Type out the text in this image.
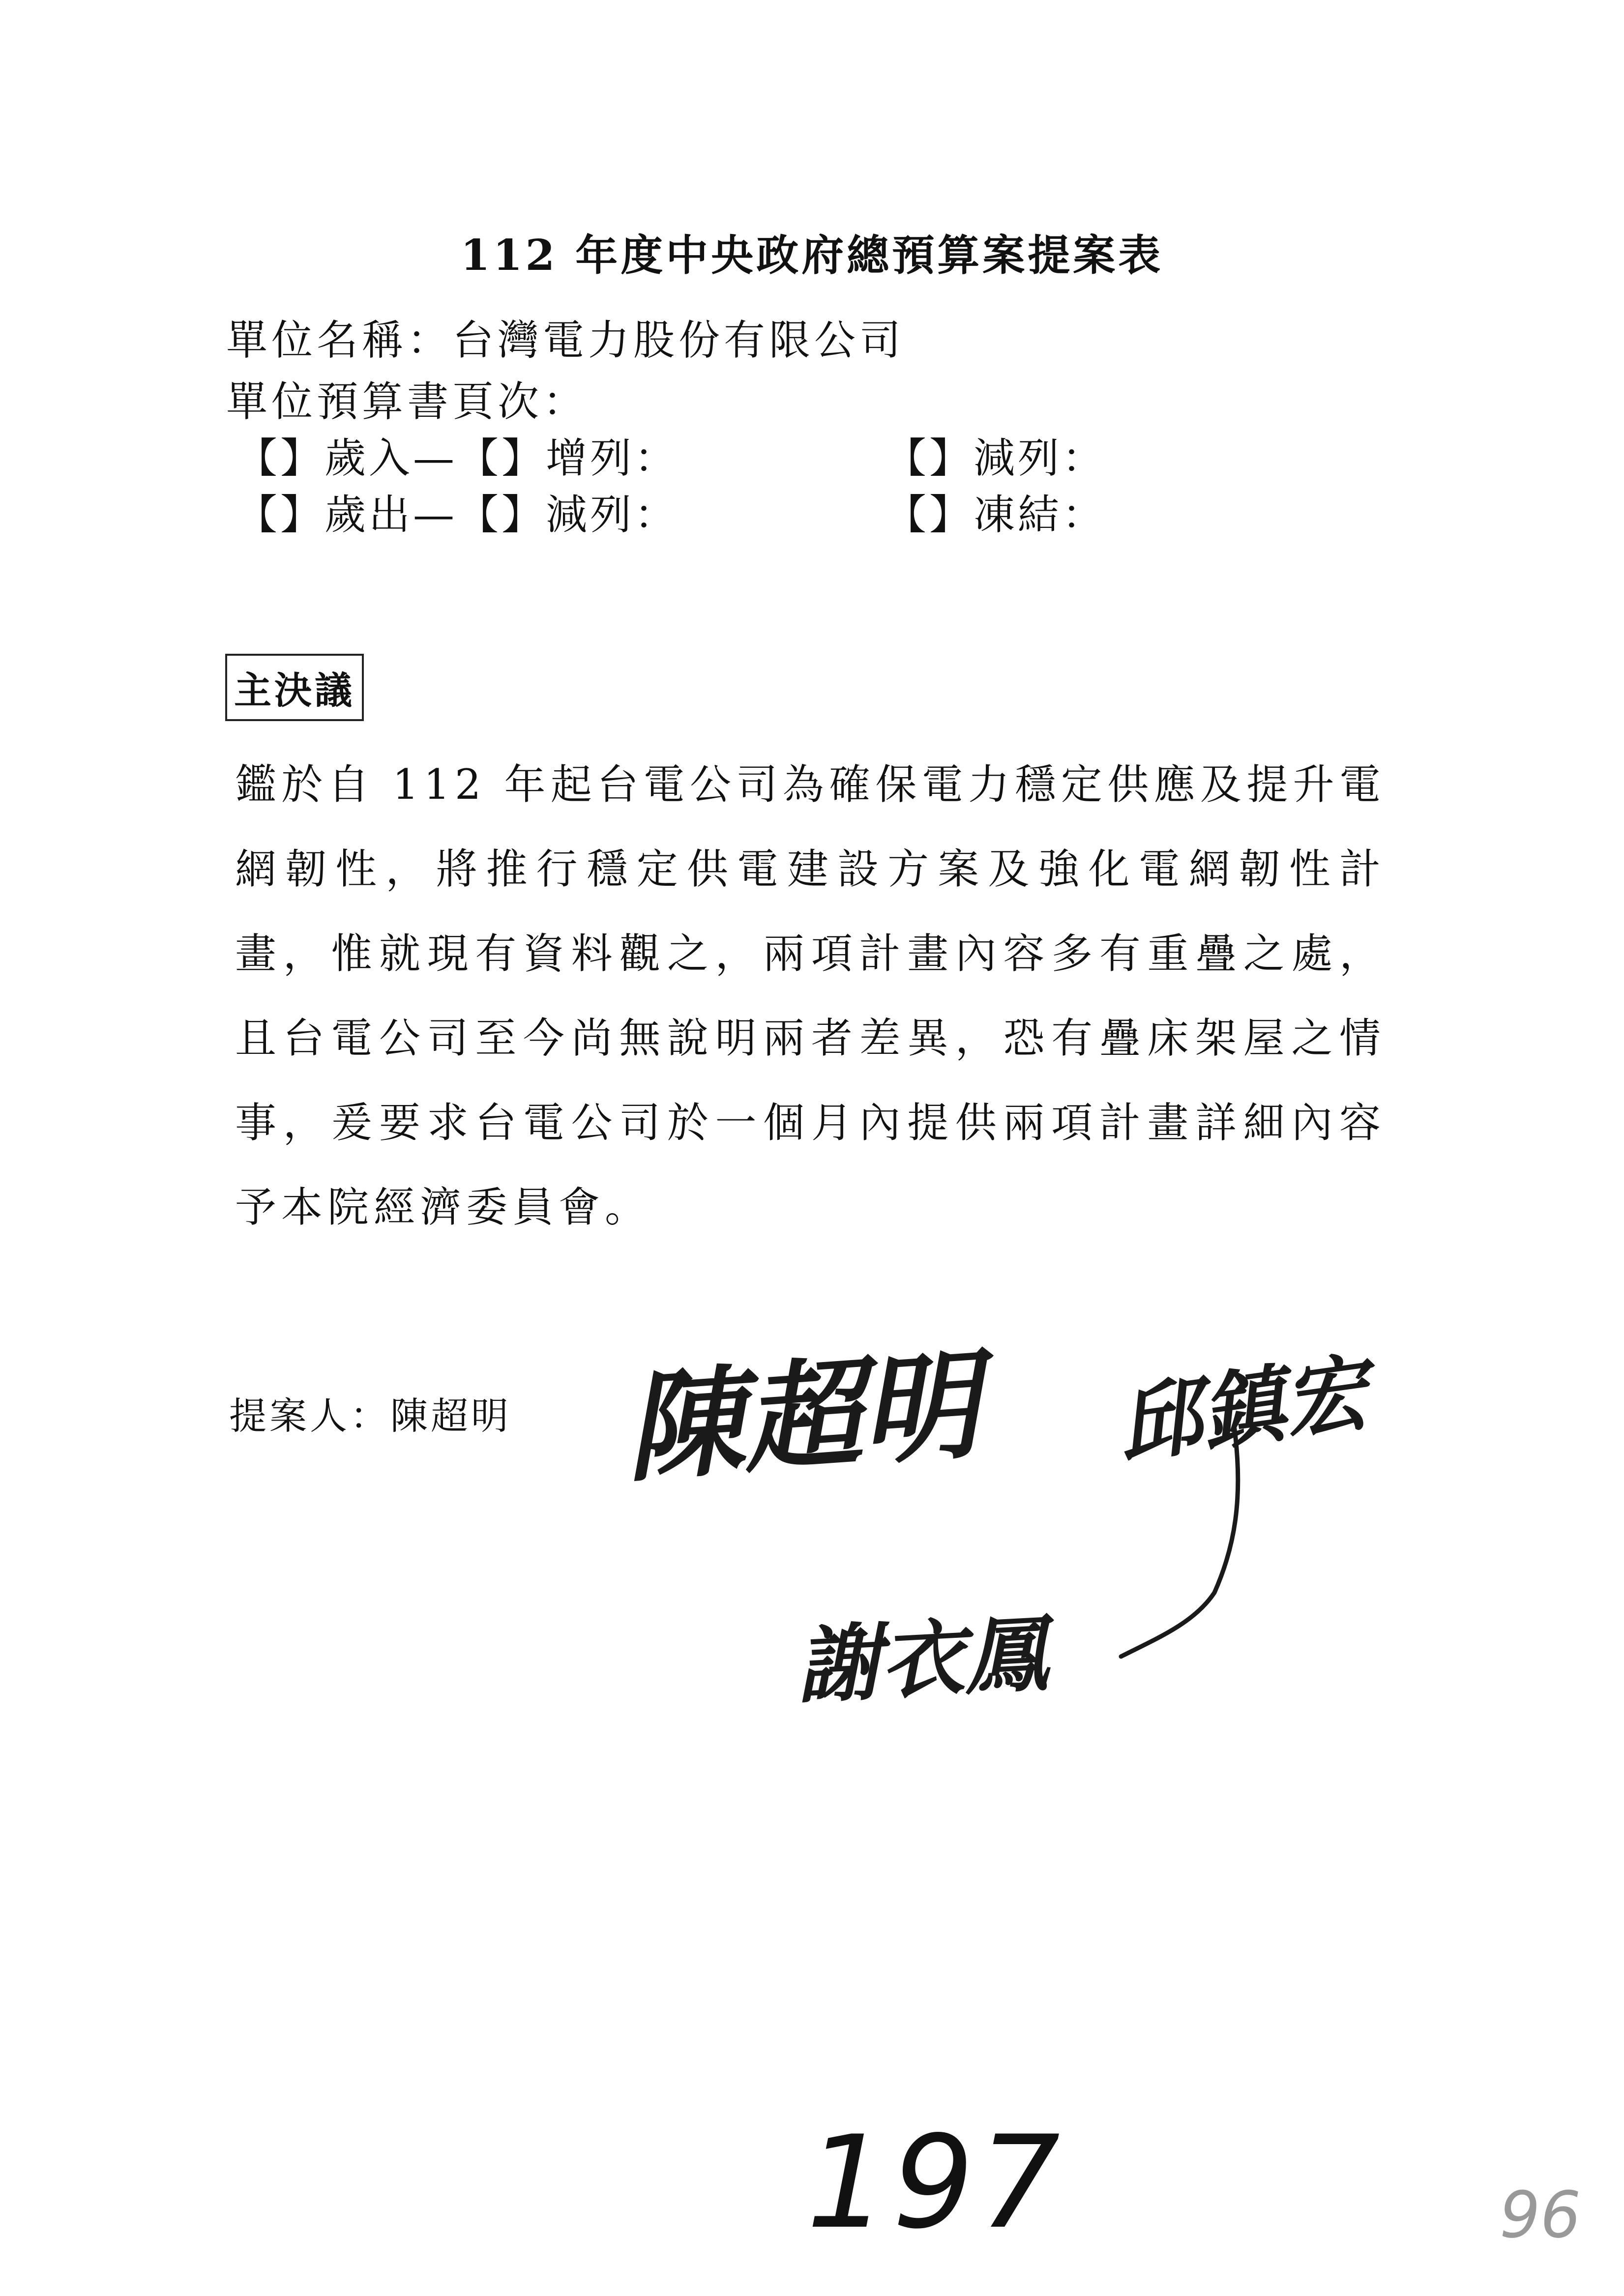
112 年度中央政府總預算案提案表
單位名稱：台灣電力股份有限公司
單位預算書頁次：
【】歲入—【】增列：	【】減列：
【】歲出—【】減列：	【】凍結：
主決議
鑑於自 112 年起台電公司為確保電力穩定供應及提升電網韌性，將推行穩定供電建設方案及強化電網韌性計畫，惟就現有資料觀之，兩項計畫內容多有重疊之處，且台電公司至今尚無說明兩者差異，恐有疊床架屋之情事，爰要求台電公司於一個月內提供兩項計畫詳細內容予本院經濟委員會。
提案人：陳超明 陳超明 邱鎮宏
謝衣鳳
197	96
